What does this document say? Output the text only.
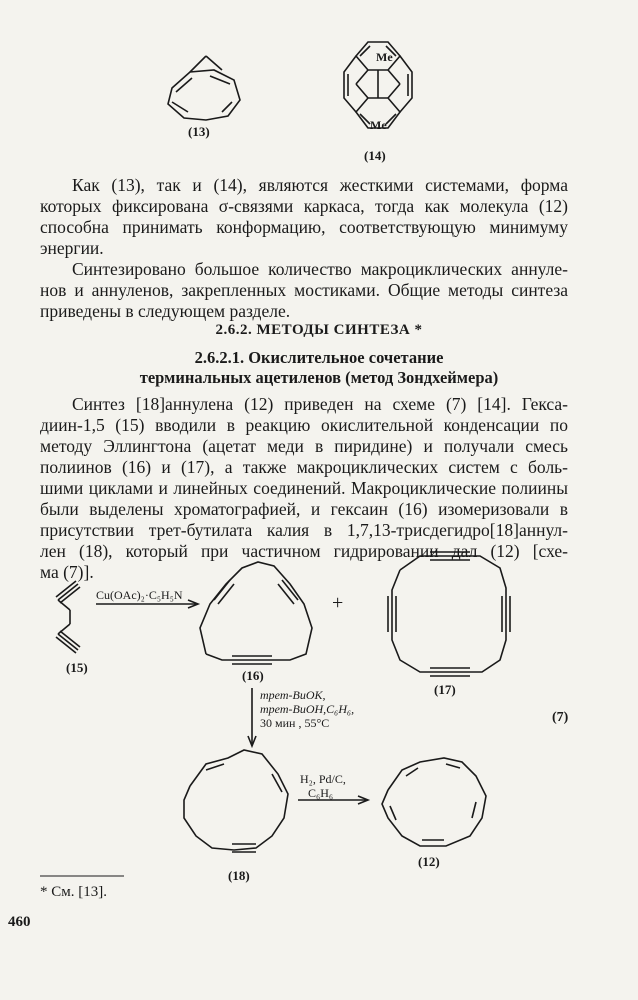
(13)
(14)
Me
Me
Как (13), так и (14), являются жесткими системами, форма
которых фиксирована σ-связями каркаса, тогда как молекула (12)
способна принимать конформацию, соответствующую минимуму
энергии.
Синтезировано большое количество макроциклических аннуле-
нов и аннуленов, закрепленных мостиками. Общие методы синтеза
приведены в следующем разделе.
2.6.2. МЕТОДЫ СИНТЕЗА *
2.6.2.1. Окислительное сочетание
терминальных ацетиленов (метод Зондхеймера)
Синтез [18]аннулена (12) приведен на схеме (7) [14]. Гекса-
диин-1,5 (15) вводили в реакцию окислительной конденсации по
методу Эллингтона (ацетат меди в пиридине) и получали смесь
полиинов (16) и (17), а также макроциклических систем с боль-
шими циклами и линейных соединений. Макроциклические полиины
были выделены хроматографией, и гексаин (16) изомеризовали в
присутствии трет-бутилата калия в 1,7,13-трисдегидро[18]аннул-
лен (18), который при частичном гидрировании дал (12) [схе-
ма (7)].
(15)
(16)
(17)
(18)
(12)
(7)
+
Cu(OAc)₂·C₅H₅N
трет-BuOK,
трет-BuOH,C₆H₆,
30 мин , 55°C
H₂, Pd/C,
C₆H₆
* См. [13].
460
